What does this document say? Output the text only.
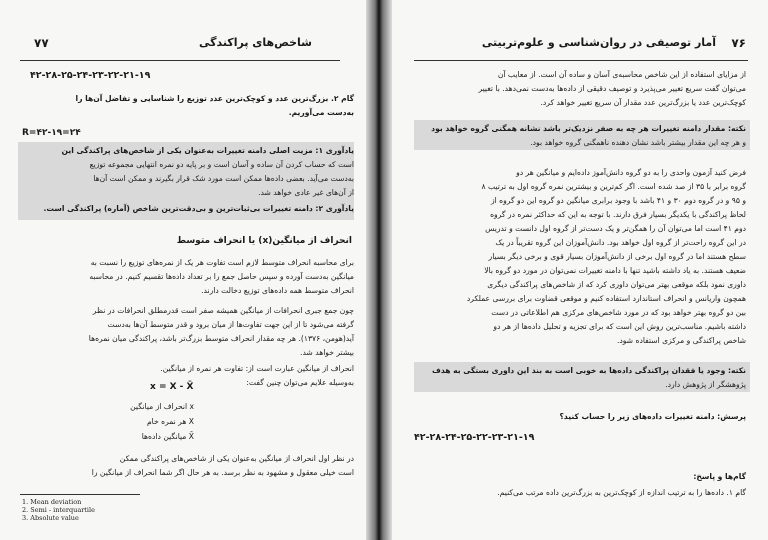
شاخص‌های پراکندگی
۷۷
۴۲-۲۸-۲۵-۲۴-۲۳-۲۲-۲۱-۱۹
گام ۲. بزرگ‌ترین عدد و کوچک‌ترین عدد توزیع را شناسایی و تفاضل آن‌ها را
به‌دست می‌آوریم.
R=۴۲-۱۹=۲۴
یادآوری ۱: مزیت اصلی دامنه تغییرات به‌عنوان یکی از شاخص‌های پراکندگی این
است که حساب کردن آن ساده و آسان است و بر پایه دو نمره انتهایی مجموعه توزیع
به‌دست می‌آید. بعضی داده‌ها ممکن است مورد شک قرار بگیرند و ممکن است آن‌ها
از آن‌های غیر عادی خواهد شد.
یادآوری ۲: دامنه تغییرات بی‌ثبات‌ترین و بی‌دقت‌ترین شاخص (آماره) پراکندگی است.
انحراف از میانگین(x) یا انحراف متوسط
برای محاسبه انحراف متوسط لازم است تفاوت هر یک از نمره‌های توزیع را نسبت به
میانگین به‌دست آورده و سپس حاصل جمع را بر تعداد داده‌ها تقسیم کنیم. در محاسبه
انحراف متوسط همه داده‌های توزیع دخالت دارند.
چون جمع جبری انحرافات از میانگین همیشه صفر است قدرمطلق انحرافات در نظر
گرفته می‌شود تا از این جهت تفاوت‌ها از میان برود و قدر متوسط آن‌ها به‌دست
آید(هومن، ۱۳۷۶). هر چه مقدار انحراف متوسط بزرگ‌تر باشد، پراکندگی میان نمره‌ها
بیشتر خواهد شد.
انحراف از میانگین عبارت است از: تفاوت هر نمره از میانگین.
به‌وسیله علایم می‌توان چنین گفت:
x = X - X̄
x انحراف از میانگین
X هر نمره خام
X̄ میانگین داده‌ها
در نظر اول انحراف از میانگین به‌عنوان یکی از شاخص‌های پراکندگی ممکن
است خیلی معقول و مشهود به نظر برسد. به هر حال اگر شما انحراف از میانگین را
1. Mean deviation
2. Semi - interquartile
3. Absolute value
۷۶
آمار توصیفی در روان‌شناسی و علوم‌تربیتی
از مزایای استفاده از این شاخص محاسبه‌ی آسان و ساده آن است. از معایب آن
می‌توان گفت سریع تغییر می‌پذیرد و توصیف دقیقی از داده‌ها به‌دست نمی‌دهد. با تغییر
کوچک‌ترین عدد یا بزرگ‌ترین عدد مقدار آن سریع تغییر خواهد کرد.
نکته: مقدار دامنه تغییرات هر چه به صفر نزدیک‌تر باشد نشانه همگنی گروه خواهد بود
و هر چه این مقدار بیشتر باشد نشان دهنده ناهمگنی گروه خواهد بود.
فرض کنید آزمون واحدی را به دو گروه دانش‌آموز داده‌ایم و میانگین هر دو
گروه برابر با ۳۵ از صد شده است. اگر کم‌ترین و بیشترین نمره گروه اول به ترتیب ۸
و ۹۵ و در گروه دوم ۳۰ و ۴۱ باشد با وجود برابری میانگین دو گروه این دو گروه از
لحاظ پراکندگی با یکدیگر بسیار فرق دارند. با توجه به این که حداکثر نمره در گروه
دوم ۴۱ است اما می‌توان آن را همگن‌تر و یک دست‌تر از گروه اول دانست و تدریس
در این گروه راحت‌تر از گروه اول خواهد بود. دانش‌آموزان این گروه تقریباً در یک
سطح هستند اما در گروه اول برخی از دانش‌آموزان بسیار قوی و برخی دیگر بسیار
ضعیف هستند. به یاد داشته باشید تنها با دامنه تغییرات نمی‌توان در مورد دو گروه بالا
داوری نمود بلکه موقعی بهتر می‌توان داوری کرد که از شاخص‌های پراکندگی دیگری
همچون واریانس و انحراف استاندارد استفاده کنیم و موقعی قضاوت برای بررسی عملکرد
بین دو گروه بهتر خواهد بود که در مورد شاخص‌های مرکزی هم اطلاعاتی در دست
داشته باشیم. مناسب‌ترین روش این است که برای تجزیه و تحلیل داده‌ها از هر دو
شاخص پراکندگی و مرکزی استفاده شود.
نکته: وجود یا فقدان پراکندگی داده‌ها به خوبی است به بند این داوری بستگی به هدف
پژوهشگر از پژوهش دارد.
پرسش: دامنه تغییرات داده‌های زیر را حساب کنید؟
۴۲-۲۸-۲۴-۲۵-۲۲-۲۳-۲۱-۱۹
گام‌ها و پاسخ:
گام ۱. داده‌ها را به ترتیب اندازه از کوچک‌ترین به بزرگ‌ترین داده مرتب می‌کنیم.
